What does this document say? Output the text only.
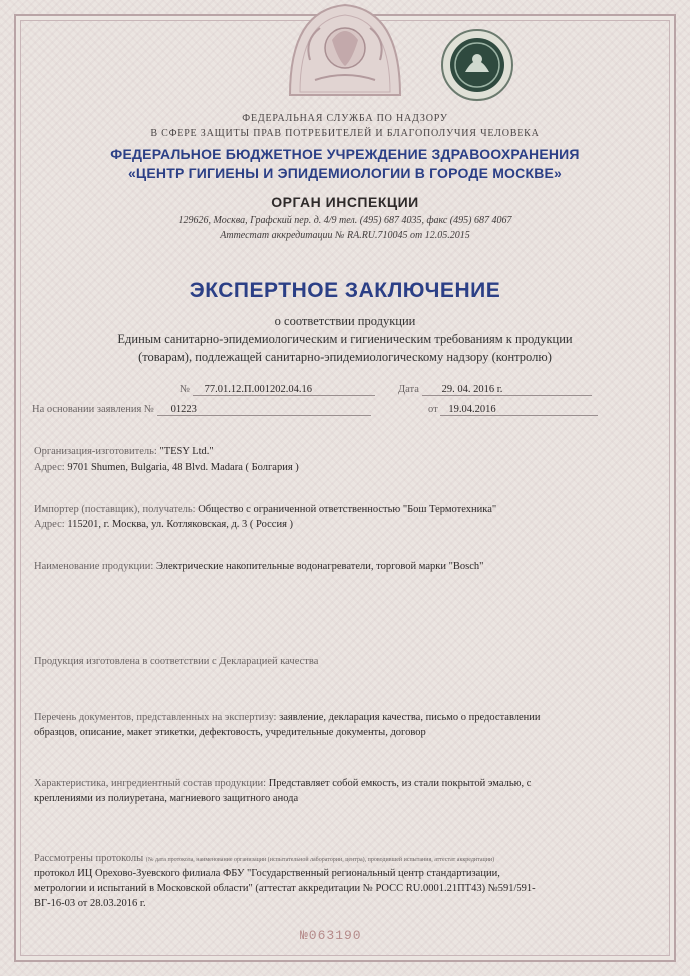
ФЕДЕРАЛЬНАЯ СЛУЖБА ПО НАДЗОРУ
В СФЕРЕ ЗАЩИТЫ ПРАВ ПОТРЕБИТЕЛЕЙ И БЛАГОПОЛУЧИЯ ЧЕЛОВЕКА
ФЕДЕРАЛЬНОЕ БЮДЖЕТНОЕ УЧРЕЖДЕНИЕ ЗДРАВООХРАНЕНИЯ
«ЦЕНТР ГИГИЕНЫ И ЭПИДЕМИОЛОГИИ В ГОРОДЕ МОСКВЕ»
ОРГАН ИНСПЕКЦИИ
129626, Москва, Графский пер. д. 4/9 тел. (495) 687 4035, факс (495) 687 4067
Аттестат аккредитации № RA.RU.710045 от 12.05.2015
ЭКСПЕРТНОЕ ЗАКЛЮЧЕНИЕ
о соответствии продукции
Единым санитарно-эпидемиологическим и гигиеническим требованиям к продукции
(товарам), подлежащей санитарно-эпидемиологическому надзору (контролю)
№ 77.01.12.П.001202.04.16	Дата 29. 04. 2016 г.
На основании заявления № 01223	от 19.04.2016
Организация-изготовитель: "TESY Ltd."
Адрес: 9701 Shumen, Bulgaria, 48 Blvd. Madara ( Болгария )
Импортер (поставщик), получатель: Общество с ограниченной ответственностью "Бош Термотехника"
Адрес: 115201, г. Москва, ул. Котляковская, д. 3 ( Россия )
Наименование продукции: Электрические накопительные водонагреватели, торговой марки "Bosch"
Продукция изготовлена в соответствии с Декларацией качества
Перечень документов, представленных на экспертизу: заявление, декларация качества, письмо о предоставлении
образцов, описание, макет этикетки, дефектовость, учредительные документы, договор
Характеристика, ингредиентный состав продукции: Представляет собой емкость, из стали покрытой эмалью, с
креплениями из полиуретана, магниевого защитного анода
Рассмотрены протоколы (№ дата протокола, наименование организации (испытательной лаборатории, центра), проводившей испытания, аттестат аккредитации)
протокол ИЦ Орехово-Зуевского филиала ФБУ "Государственный региональный центр стандартизации,
метрологии и испытаний в Московской области" (аттестат аккредитации № РОСС RU.0001.21ПТ43) №591/591-
ВГ-16-03 от 28.03.2016 г.
№063190
